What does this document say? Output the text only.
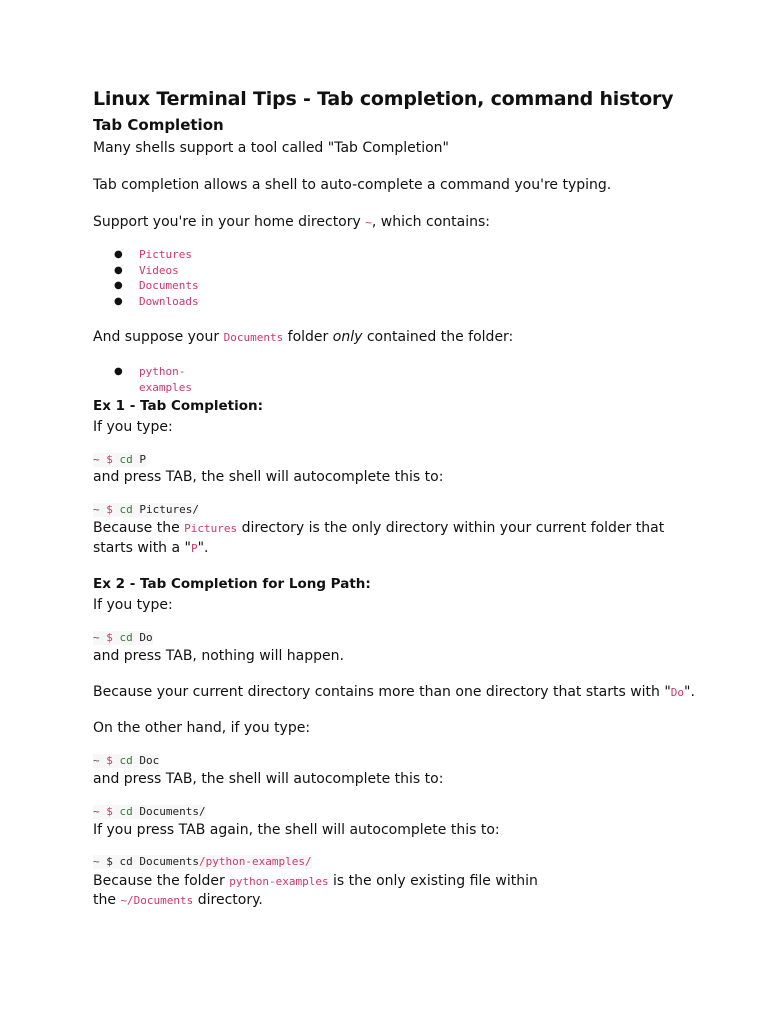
Linux Terminal Tips - Tab completion, command history
Tab Completion
Many shells support a tool called "Tab Completion"
Tab completion allows a shell to auto-complete a command you're typing.
Support you're in your home directory ~, which contains:
● Pictures
● Videos
● Documents
● Downloads
And suppose your Documents folder only contained the folder:
● python-examples
Ex 1 - Tab Completion:
If you type:
~ $ cd P
and press TAB, the shell will autocomplete this to:
~ $ cd Pictures/
Because the Pictures directory is the only directory within your current folder that
starts with a "P".
Ex 2 - Tab Completion for Long Path:
If you type:
~ $ cd Do
and press TAB, nothing will happen.
Because your current directory contains more than one directory that starts with "Do".
On the other hand, if you type:
~ $ cd Doc
and press TAB, the shell will autocomplete this to:
~ $ cd Documents/
If you press TAB again, the shell will autocomplete this to:
~ $ cd Documents/python-examples/
Because the folder python-examples is the only existing file within
the ~/Documents directory.
